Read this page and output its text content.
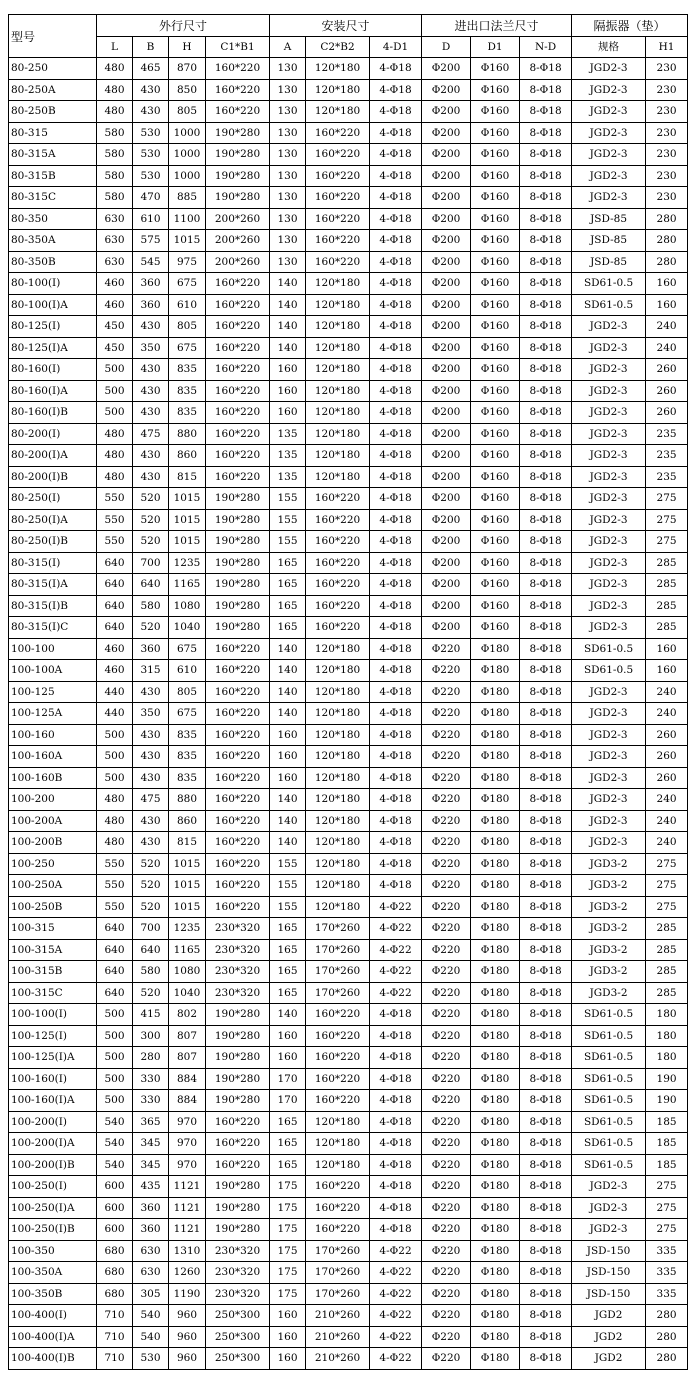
型号	外行尺寸				安装尺寸			进出口法兰尺寸			隔振器（垫）	
	L	B	H	C1*B1	A	C2*B2	4-D1	D	D1	N-D	规格	H1
80-250	480	465	870	160*220	130	120*180	4-Φ18	Φ200	Φ160	8-Φ18	JGD2-3	230
80-250A	480	430	850	160*220	130	120*180	4-Φ18	Φ200	Φ160	8-Φ18	JGD2-3	230
80-250B	480	430	805	160*220	130	120*180	4-Φ18	Φ200	Φ160	8-Φ18	JGD2-3	230
80-315	580	530	1000	190*280	130	160*220	4-Φ18	Φ200	Φ160	8-Φ18	JGD2-3	230
80-315A	580	530	1000	190*280	130	160*220	4-Φ18	Φ200	Φ160	8-Φ18	JGD2-3	230
80-315B	580	530	1000	190*280	130	160*220	4-Φ18	Φ200	Φ160	8-Φ18	JGD2-3	230
80-315C	580	470	885	190*280	130	160*220	4-Φ18	Φ200	Φ160	8-Φ18	JGD2-3	230
80-350	630	610	1100	200*260	130	160*220	4-Φ18	Φ200	Φ160	8-Φ18	JSD-85	280
80-350A	630	575	1015	200*260	130	160*220	4-Φ18	Φ200	Φ160	8-Φ18	JSD-85	280
80-350B	630	545	975	200*260	130	160*220	4-Φ18	Φ200	Φ160	8-Φ18	JSD-85	280
80-100(I)	460	360	675	160*220	140	120*180	4-Φ18	Φ200	Φ160	8-Φ18	SD61-0.5	160
80-100(I)A	460	360	610	160*220	140	120*180	4-Φ18	Φ200	Φ160	8-Φ18	SD61-0.5	160
80-125(I)	450	430	805	160*220	140	120*180	4-Φ18	Φ200	Φ160	8-Φ18	JGD2-3	240
80-125(I)A	450	350	675	160*220	140	120*180	4-Φ18	Φ200	Φ160	8-Φ18	JGD2-3	240
80-160(I)	500	430	835	160*220	160	120*180	4-Φ18	Φ200	Φ160	8-Φ18	JGD2-3	260
80-160(I)A	500	430	835	160*220	160	120*180	4-Φ18	Φ200	Φ160	8-Φ18	JGD2-3	260
80-160(I)B	500	430	835	160*220	160	120*180	4-Φ18	Φ200	Φ160	8-Φ18	JGD2-3	260
80-200(I)	480	475	880	160*220	135	120*180	4-Φ18	Φ200	Φ160	8-Φ18	JGD2-3	235
80-200(I)A	480	430	860	160*220	135	120*180	4-Φ18	Φ200	Φ160	8-Φ18	JGD2-3	235
80-200(I)B	480	430	815	160*220	135	120*180	4-Φ18	Φ200	Φ160	8-Φ18	JGD2-3	235
80-250(I)	550	520	1015	190*280	155	160*220	4-Φ18	Φ200	Φ160	8-Φ18	JGD2-3	275
80-250(I)A	550	520	1015	190*280	155	160*220	4-Φ18	Φ200	Φ160	8-Φ18	JGD2-3	275
80-250(I)B	550	520	1015	190*280	155	160*220	4-Φ18	Φ200	Φ160	8-Φ18	JGD2-3	275
80-315(I)	640	700	1235	190*280	165	160*220	4-Φ18	Φ200	Φ160	8-Φ18	JGD2-3	285
80-315(I)A	640	640	1165	190*280	165	160*220	4-Φ18	Φ200	Φ160	8-Φ18	JGD2-3	285
80-315(I)B	640	580	1080	190*280	165	160*220	4-Φ18	Φ200	Φ160	8-Φ18	JGD2-3	285
80-315(I)C	640	520	1040	190*280	165	160*220	4-Φ18	Φ200	Φ160	8-Φ18	JGD2-3	285
100-100	460	360	675	160*220	140	120*180	4-Φ18	Φ220	Φ180	8-Φ18	SD61-0.5	160
100-100A	460	315	610	160*220	140	120*180	4-Φ18	Φ220	Φ180	8-Φ18	SD61-0.5	160
100-125	440	430	805	160*220	140	120*180	4-Φ18	Φ220	Φ180	8-Φ18	JGD2-3	240
100-125A	440	350	675	160*220	140	120*180	4-Φ18	Φ220	Φ180	8-Φ18	JGD2-3	240
100-160	500	430	835	160*220	160	120*180	4-Φ18	Φ220	Φ180	8-Φ18	JGD2-3	260
100-160A	500	430	835	160*220	160	120*180	4-Φ18	Φ220	Φ180	8-Φ18	JGD2-3	260
100-160B	500	430	835	160*220	160	120*180	4-Φ18	Φ220	Φ180	8-Φ18	JGD2-3	260
100-200	480	475	880	160*220	140	120*180	4-Φ18	Φ220	Φ180	8-Φ18	JGD2-3	240
100-200A	480	430	860	160*220	140	120*180	4-Φ18	Φ220	Φ180	8-Φ18	JGD2-3	240
100-200B	480	430	815	160*220	140	120*180	4-Φ18	Φ220	Φ180	8-Φ18	JGD2-3	240
100-250	550	520	1015	160*220	155	120*180	4-Φ18	Φ220	Φ180	8-Φ18	JGD3-2	275
100-250A	550	520	1015	160*220	155	120*180	4-Φ18	Φ220	Φ180	8-Φ18	JGD3-2	275
100-250B	550	520	1015	160*220	155	120*180	4-Φ22	Φ220	Φ180	8-Φ18	JGD3-2	275
100-315	640	700	1235	230*320	165	170*260	4-Φ22	Φ220	Φ180	8-Φ18	JGD3-2	285
100-315A	640	640	1165	230*320	165	170*260	4-Φ22	Φ220	Φ180	8-Φ18	JGD3-2	285
100-315B	640	580	1080	230*320	165	170*260	4-Φ22	Φ220	Φ180	8-Φ18	JGD3-2	285
100-315C	640	520	1040	230*320	165	170*260	4-Φ22	Φ220	Φ180	8-Φ18	JGD3-2	285
100-100(I)	500	415	802	190*280	140	160*220	4-Φ18	Φ220	Φ180	8-Φ18	SD61-0.5	180
100-125(I)	500	300	807	190*280	160	160*220	4-Φ18	Φ220	Φ180	8-Φ18	SD61-0.5	180
100-125(I)A	500	280	807	190*280	160	160*220	4-Φ18	Φ220	Φ180	8-Φ18	SD61-0.5	180
100-160(I)	500	330	884	190*280	170	160*220	4-Φ18	Φ220	Φ180	8-Φ18	SD61-0.5	190
100-160(I)A	500	330	884	190*280	170	160*220	4-Φ18	Φ220	Φ180	8-Φ18	SD61-0.5	190
100-200(I)	540	365	970	160*220	165	120*180	4-Φ18	Φ220	Φ180	8-Φ18	SD61-0.5	185
100-200(I)A	540	345	970	160*220	165	120*180	4-Φ18	Φ220	Φ180	8-Φ18	SD61-0.5	185
100-200(I)B	540	345	970	160*220	165	120*180	4-Φ18	Φ220	Φ180	8-Φ18	SD61-0.5	185
100-250(I)	600	435	1121	190*280	175	160*220	4-Φ18	Φ220	Φ180	8-Φ18	JGD2-3	275
100-250(I)A	600	360	1121	190*280	175	160*220	4-Φ18	Φ220	Φ180	8-Φ18	JGD2-3	275
100-250(I)B	600	360	1121	190*280	175	160*220	4-Φ18	Φ220	Φ180	8-Φ18	JGD2-3	275
100-350	680	630	1310	230*320	175	170*260	4-Φ22	Φ220	Φ180	8-Φ18	JSD-150	335
100-350A	680	630	1260	230*320	175	170*260	4-Φ22	Φ220	Φ180	8-Φ18	JSD-150	335
100-350B	680	305	1190	230*320	175	170*260	4-Φ22	Φ220	Φ180	8-Φ18	JSD-150	335
100-400(I)	710	540	960	250*300	160	210*260	4-Φ22	Φ220	Φ180	8-Φ18	JGD2	280
100-400(I)A	710	540	960	250*300	160	210*260	4-Φ22	Φ220	Φ180	8-Φ18	JGD2	280
100-400(I)B	710	530	960	250*300	160	210*260	4-Φ22	Φ220	Φ180	8-Φ18	JGD2	280
